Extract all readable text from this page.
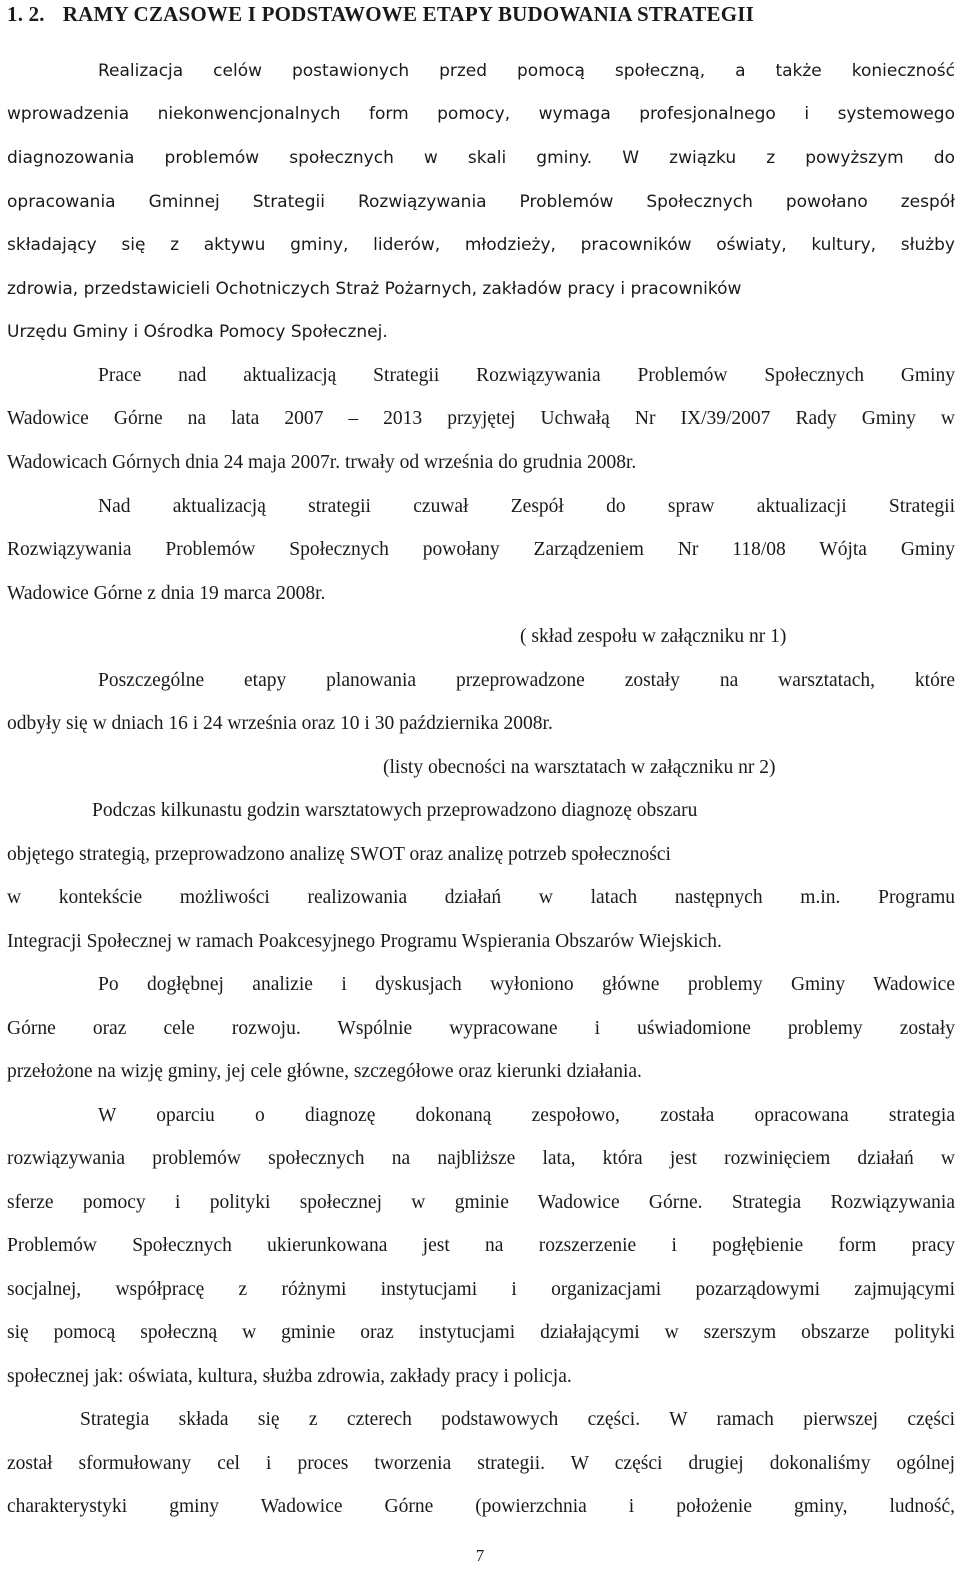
1. 2. RAMY CZASOWE I PODSTAWOWE ETAPY BUDOWANIA STRATEGII
Realizacja celów postawionych przed pomocą społeczną, a także konieczność
wprowadzenia niekonwencjonalnych form pomocy, wymaga profesjonalnego i systemowego
diagnozowania problemów społecznych w skali gminy. W związku z powyższym do
opracowania Gminnej Strategii Rozwiązywania Problemów Społecznych powołano zespół
składający się z aktywu gminy, liderów, młodzieży, pracowników oświaty, kultury, służby
zdrowia, przedstawicieli Ochotniczych Straż Pożarnych, zakładów pracy i pracowników
Urzędu Gminy i Ośrodka Pomocy Społecznej.
Prace nad aktualizacją Strategii Rozwiązywania Problemów Społecznych Gminy
Wadowice Górne na lata 2007 – 2013 przyjętej Uchwałą Nr IX/39/2007 Rady Gminy w
Wadowicach Górnych dnia 24 maja 2007r. trwały od września do grudnia 2008r.
Nad aktualizacją strategii czuwał Zespół do spraw aktualizacji Strategii
Rozwiązywania Problemów Społecznych powołany Zarządzeniem Nr 118/08 Wójta Gminy
Wadowice Górne z dnia 19 marca 2008r.
( skład zespołu w załączniku nr 1)
Poszczególne etapy planowania przeprowadzone zostały na warsztatach, które
odbyły się w dniach 16 i 24 września oraz 10 i 30 października 2008r.
(listy obecności na warsztatach w załączniku nr 2)
Podczas kilkunastu godzin warsztatowych przeprowadzono diagnozę obszaru
objętego strategią, przeprowadzono analizę SWOT oraz analizę potrzeb społeczności
w kontekście możliwości realizowania działań w latach następnych m.in. Programu
Integracji Społecznej w ramach Poakcesyjnego Programu Wspierania Obszarów Wiejskich.
Po dogłębnej analizie i dyskusjach wyłoniono główne problemy Gminy Wadowice
Górne oraz cele rozwoju. Wspólnie wypracowane i uświadomione problemy zostały
przełożone na wizję gminy, jej cele główne, szczegółowe oraz kierunki działania.
W oparciu o diagnozę dokonaną zespołowo, została opracowana strategia
rozwiązywania problemów społecznych na najbliższe lata, która jest rozwinięciem działań w
sferze pomocy i polityki społecznej w gminie Wadowice Górne. Strategia Rozwiązywania
Problemów Społecznych ukierunkowana jest na rozszerzenie i pogłębienie form pracy
socjalnej, współpracę z różnymi instytucjami i organizacjami pozarządowymi zajmującymi
się pomocą społeczną w gminie oraz instytucjami działającymi w szerszym obszarze polityki
społecznej jak: oświata, kultura, służba zdrowia, zakłady pracy i policja.
Strategia składa się z czterech podstawowych części. W ramach pierwszej części
został sformułowany cel i proces tworzenia strategii. W części drugiej dokonaliśmy ogólnej
charakterystyki gminy Wadowice Górne (powierzchnia i położenie gminy, ludność,
7
